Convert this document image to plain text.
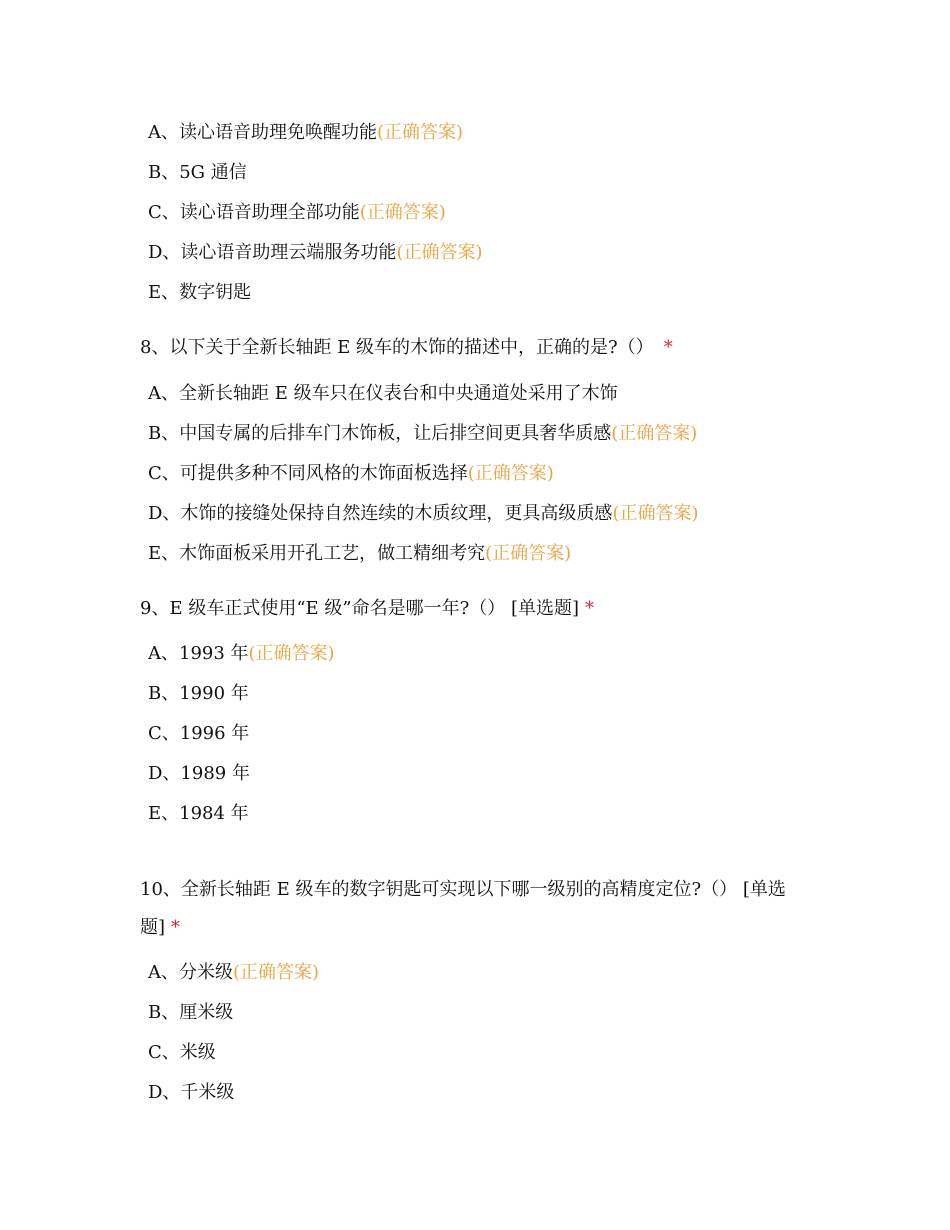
A、读心语音助理免唤醒功能(正确答案)
B、5G 通信
C、读心语音助理全部功能(正确答案)
D、读心语音助理云端服务功能(正确答案)
E、数字钥匙
8、以下关于全新长轴距 E 级车的木饰的描述中，正确的是?（） *
A、全新长轴距 E 级车只在仪表台和中央通道处采用了木饰
B、中国专属的后排车门木饰板，让后排空间更具奢华质感(正确答案)
C、可提供多种不同风格的木饰面板选择(正确答案)
D、木饰的接缝处保持自然连续的木质纹理，更具高级质感(正确答案)
E、木饰面板采用开孔工艺，做工精细考究(正确答案)
9、E 级车正式使用“E 级”命名是哪一年?（） [单选题] *
A、1993 年(正确答案)
B、1990 年
C、1996 年
D、1989 年
E、1984 年
10、全新长轴距 E 级车的数字钥匙可实现以下哪一级别的高精度定位?（） [单选题] *
A、分米级(正确答案)
B、厘米级
C、米级
D、千米级
